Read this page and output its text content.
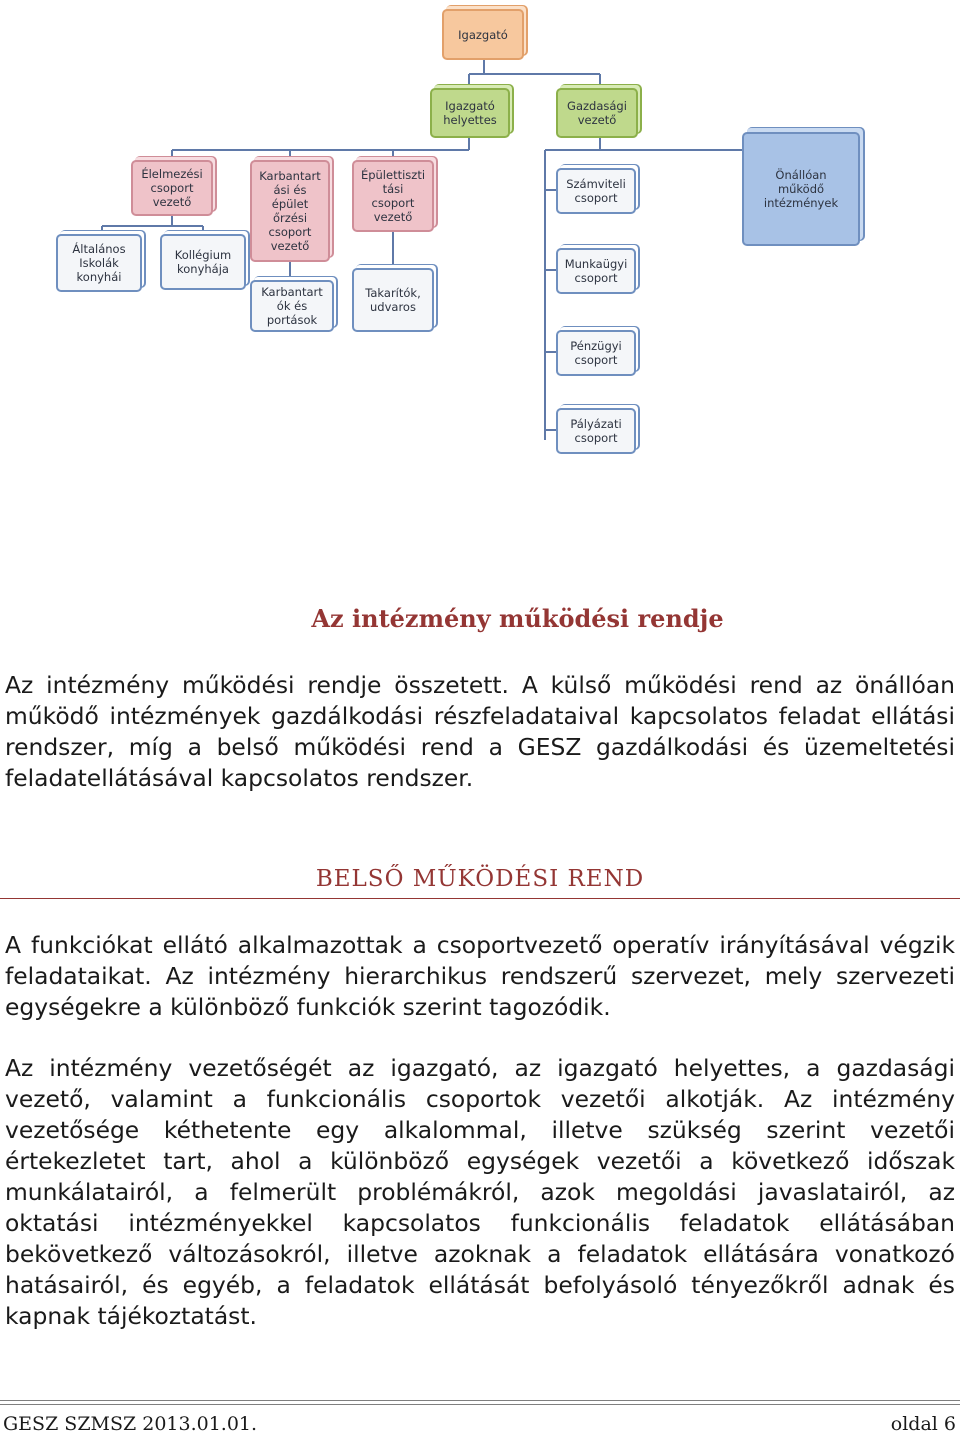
Igazgató
Igazgató
helyettes
Gazdasági
vezető
Élelmezési
csoport
vezető
Karbantart
ási és
épület
őrzési
csoport
vezető
Épülettiszti
tási
csoport
vezető
Általános
Iskolák
konyhái
Kollégium
konyhája
Karbantart
ók és
portások
Takarítók,
udvaros
Számviteli
csoport
Munkaügyi
csoport
Pénzügyi
csoport
Pályázati
csoport
Önállóan
működő
intézmények
Az intézmény működési rendje

Az intézmény működési rendje összetett. A külső működési rend az önállóan működő intézmények gazdálkodási részfeladataival kapcsolatos feladat ellátási rendszer, míg a belső működési rend a GESZ gazdálkodási és üzemeltetési feladatellátásával kapcsolatos rendszer.

BELSŐ MŰKÖDÉSI REND

A funkciókat ellátó alkalmazottak a csoportvezető operatív irányításával végzik feladataikat. Az intézmény hierarchikus rendszerű szervezet, mely szervezeti egységekre a különböző funkciók szerint tagozódik.

Az intézmény vezetőségét az igazgató, az igazgató helyettes, a gazdasági vezető, valamint a funkcionális csoportok vezetői alkotják. Az intézmény vezetősége kéthetente egy alkalommal, illetve szükség szerint vezetői értekezletet tart, ahol a különböző egységek vezetői a következő időszak munkálatairól, a felmerült problémákról, azok megoldási javaslatairól, az oktatási intézményekkel kapcsolatos funkcionális feladatok ellátásában bekövetkező változásokról, illetve azoknak a feladatok ellátására vonatkozó hatásairól, és egyéb, a feladatok ellátását befolyásoló tényezőkről adnak és kapnak tájékoztatást.

GESZ SZMSZ 2013.01.01.	oldal 6
